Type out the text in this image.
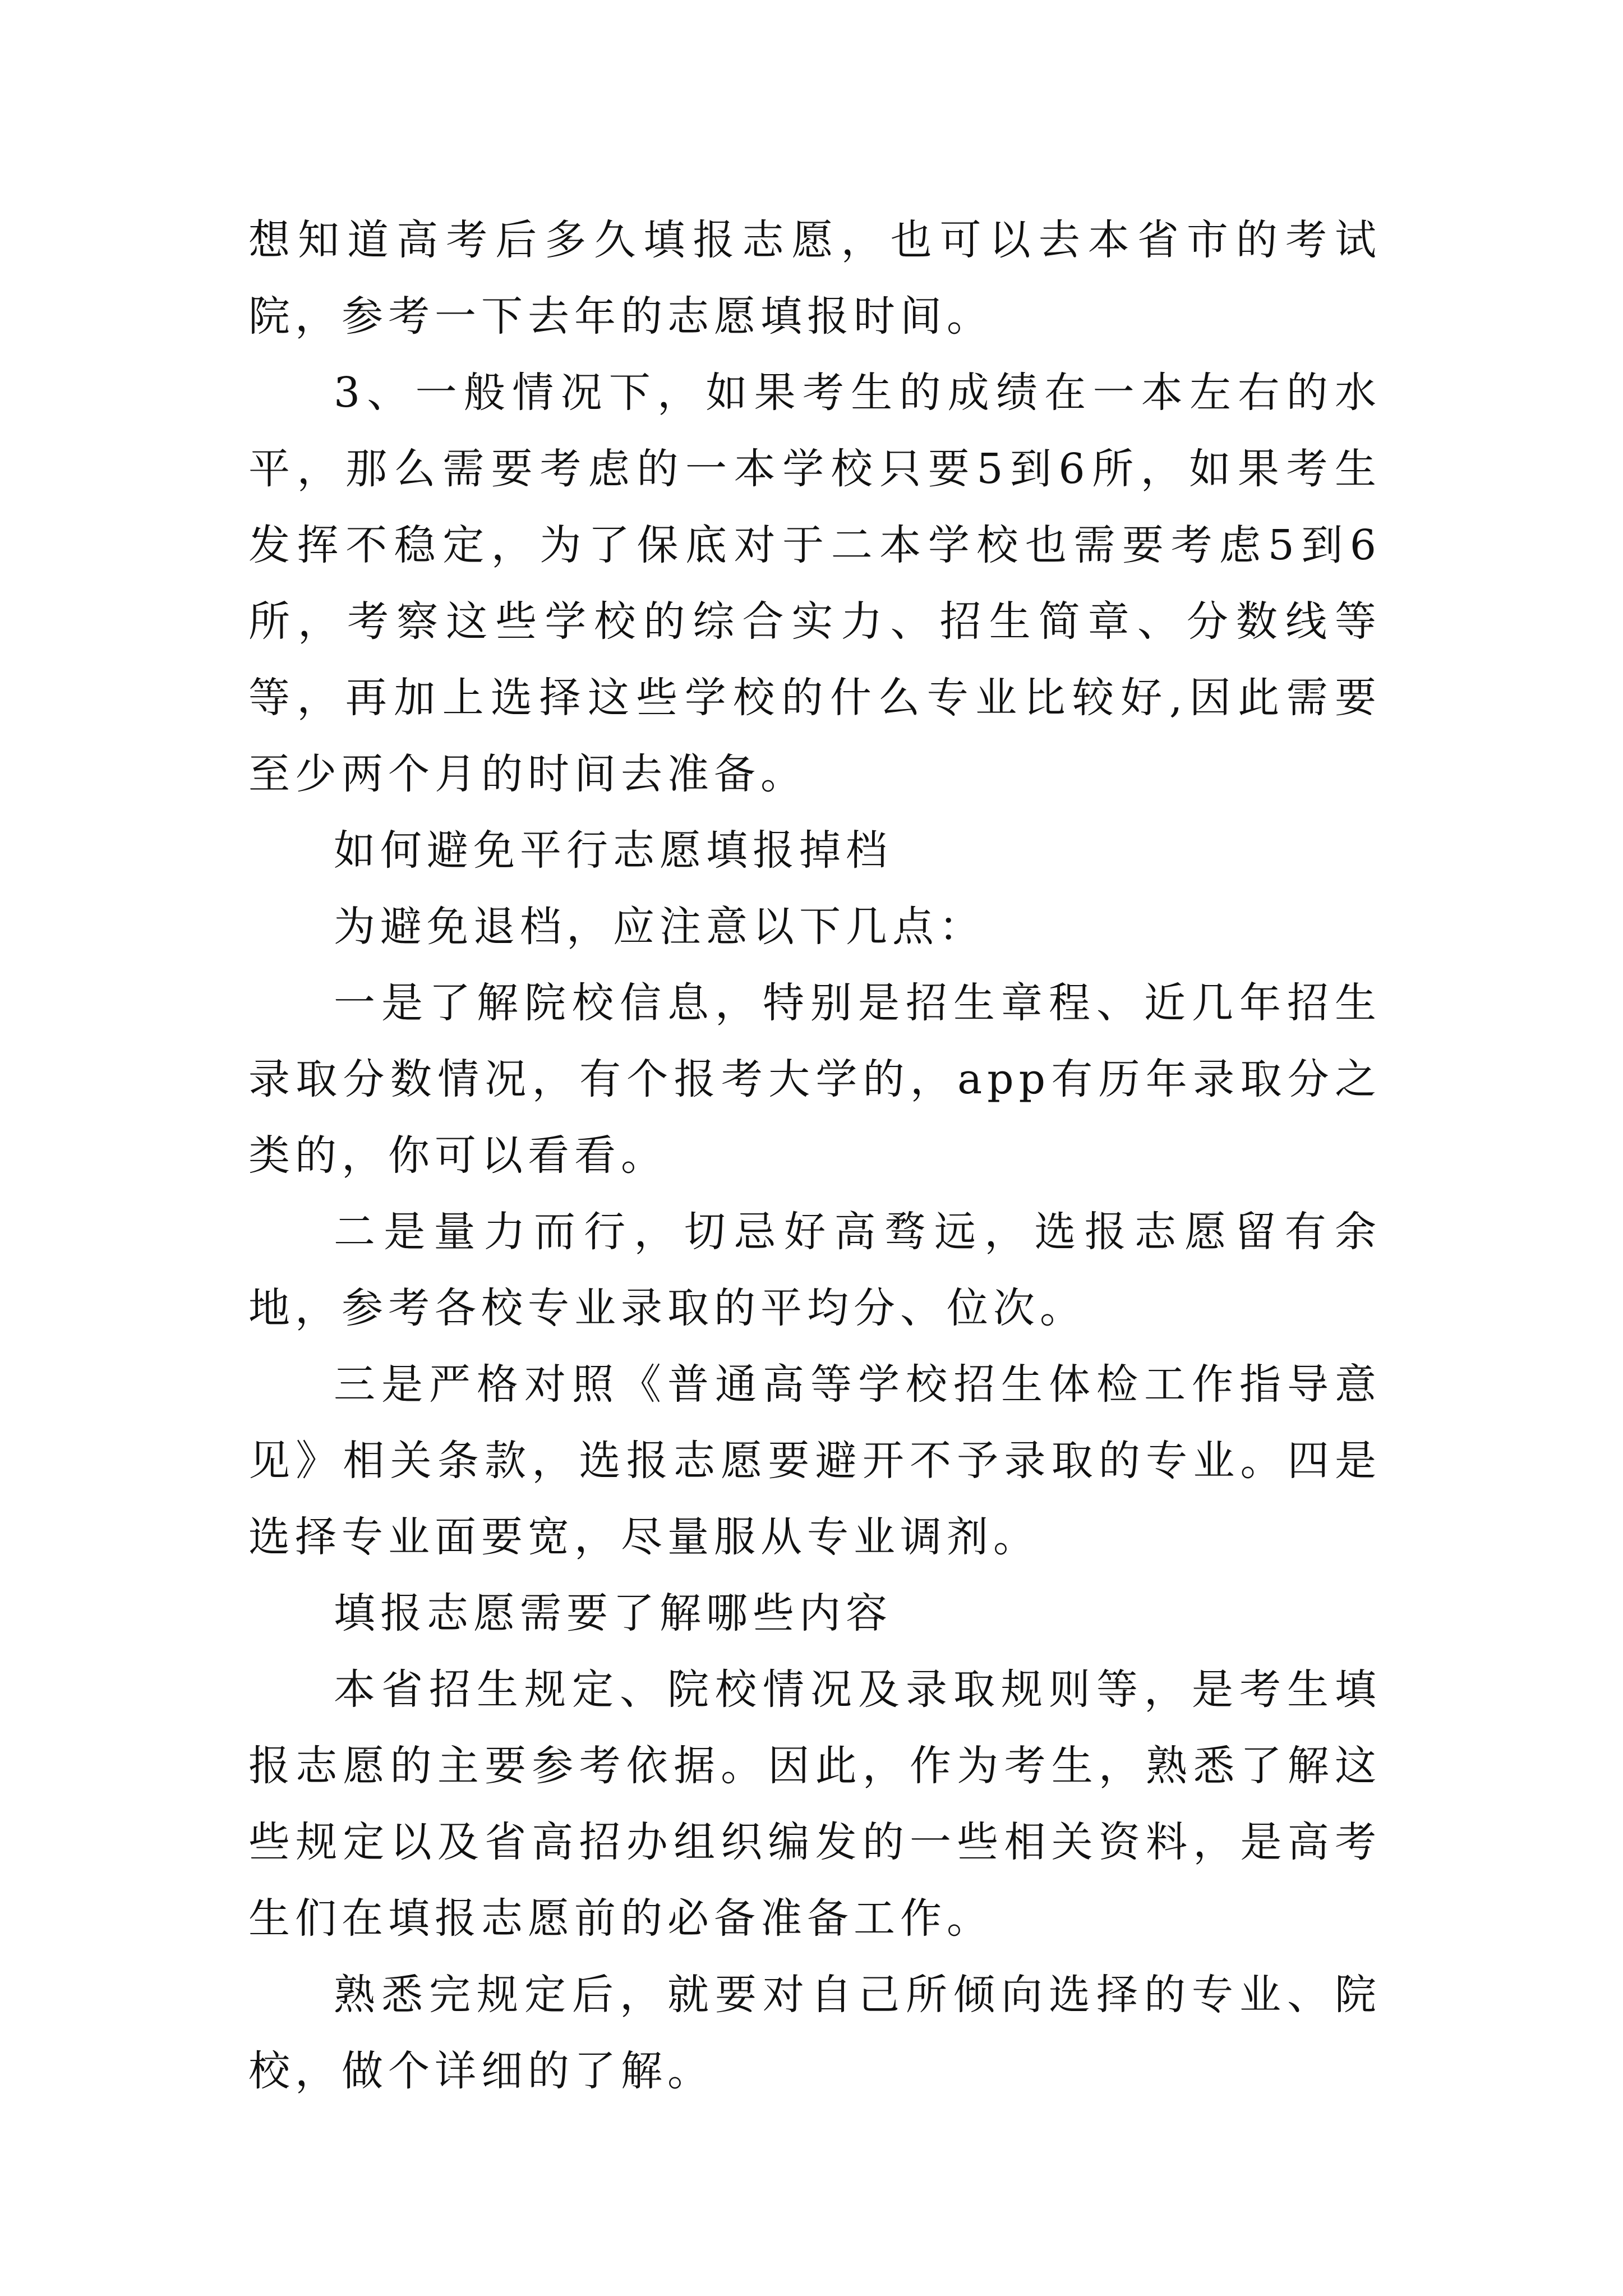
想知道高考后多久填报志愿，也可以去本省市的考试院，参考一下去年的志愿填报时间。

3、一般情况下，如果考生的成绩在一本左右的水平，那么需要考虑的一本学校只要5到6所，如果考生发挥不稳定，为了保底对于二本学校也需要考虑5到6所，考察这些学校的综合实力、招生简章、分数线等等，再加上选择这些学校的什么专业比较好,因此需要至少两个月的时间去准备。

如何避免平行志愿填报掉档

为避免退档，应注意以下几点：

一是了解院校信息，特别是招生章程、近几年招生录取分数情况，有个报考大学的，app有历年录取分之类的，你可以看看。

二是量力而行，切忌好高骛远，选报志愿留有余地，参考各校专业录取的平均分、位次。

三是严格对照《普通高等学校招生体检工作指导意见》相关条款，选报志愿要避开不予录取的专业。四是选择专业面要宽，尽量服从专业调剂。

填报志愿需要了解哪些内容

本省招生规定、院校情况及录取规则等，是考生填报志愿的主要参考依据。因此，作为考生，熟悉了解这些规定以及省高招办组织编发的一些相关资料，是高考生们在填报志愿前的必备准备工作。

熟悉完规定后，就要对自己所倾向选择的专业、院校，做个详细的了解。
